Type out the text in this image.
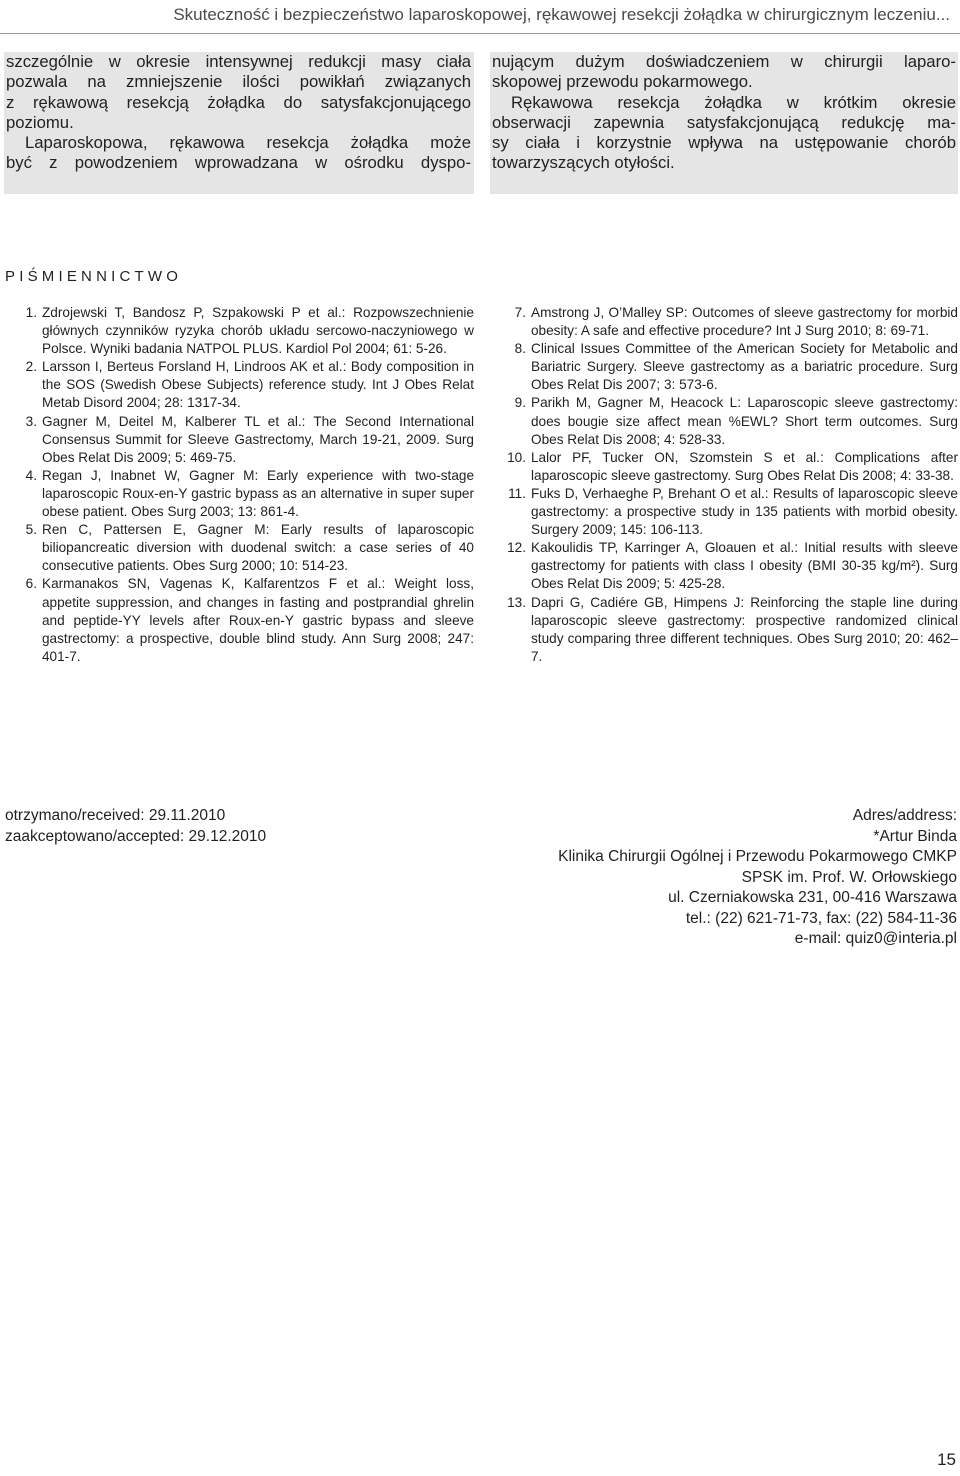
Skuteczność i bezpieczeństwo laparoskopowej, rękawowej resekcji żołądka w chirurgicznym leczeniu...

szczególnie w okresie intensywnej redukcji masy ciała

pozwala na zmniejszenie ilości powikłań związanych

z rękawową resekcją żołądka do satysfakcjonującego

poziomu.

Laparoskopowa, rękawowa resekcja żołądka może

być z powodzeniem wprowadzana w ośrodku dyspo-

nującym dużym doświadczeniem w chirurgii laparo-

skopowej przewodu pokarmowego.

Rękawowa resekcja żołądka w krótkim okresie

obserwacji zapewnia satysfakcjonującą redukcję ma-

sy ciała i korzystnie wpływa na ustępowanie chorób

towarzyszących otyłości.

PIŚMIENNICTWO
1. Zdrojewski T, Bandosz P, Szpakowski P et al.: Rozpowszechnienie głównych czynników ryzyka chorób układu sercowo-naczyniowego w Polsce. Wyniki badania NATPOL PLUS. Kardiol Pol 2004; 61: 5-26.
2. Larsson I, Berteus Forsland H, Lindroos AK et al.: Body composition in the SOS (Swedish Obese Subjects) reference study. Int J Obes Relat Metab Disord 2004; 28: 1317-34.
3. Gagner M, Deitel M, Kalberer TL et al.: The Second International Consensus Summit for Sleeve Gastrectomy, March 19-21, 2009. Surg Obes Relat Dis 2009; 5: 469-75.
4. Regan J, Inabnet W, Gagner M: Early experience with two-stage laparoscopic Roux-en-Y gastric bypass as an alternative in super super obese patient. Obes Surg 2003; 13: 861-4.
5. Ren C, Pattersen E, Gagner M: Early results of laparoscopic biliopancreatic diversion with duodenal switch: a case series of 40 consecutive patients. Obes Surg 2000; 10: 514-23.
6. Karmanakos SN, Vagenas K, Kalfarentzos F et al.: Weight loss, appetite suppression, and changes in fasting and postprandial ghrelin and peptide-YY levels after Roux-en-Y gastric bypass and sleeve gastrectomy: a prospective, double blind study. Ann Surg 2008; 247: 401-7.
7. Amstrong J, O’Malley SP: Outcomes of sleeve gastrectomy for morbid obesity: A safe and effective procedure? Int J Surg 2010; 8: 69-71.
8. Clinical Issues Committee of the American Society for Metabolic and Bariatric Surgery. Sleeve gastrectomy as a bariatric procedure. Surg Obes Relat Dis 2007; 3: 573-6.
9. Parikh M, Gagner M, Heacock L: Laparoscopic sleeve gastrectomy: does bougie size affect mean %EWL? Short term outcomes. Surg Obes Relat Dis 2008; 4: 528-33.
10. Lalor PF, Tucker ON, Szomstein S et al.: Complications after laparoscopic sleeve gastrectomy. Surg Obes Relat Dis 2008; 4: 33-38.
11. Fuks D, Verhaeghe P, Brehant O et al.: Results of laparoscopic sleeve gastrectomy: a prospective study in 135 patients with morbid obesity. Surgery 2009; 145: 106-113.
12. Kakoulidis TP, Karringer A, Gloauen et al.: Initial results with sleeve gastrectomy for patients with class I obesity (BMI 30-35 kg/m²). Surg Obes Relat Dis 2009; 5: 425-28.
13. Dapri G, Cadiére GB, Himpens J: Reinforcing the staple line during laparoscopic sleeve gastrectomy: prospective randomized clinical study comparing three different techniques. Obes Surg 2010; 20: 462–7.
otrzymano/received: 29.11.2010
zaakceptowano/accepted: 29.12.2010
Adres/address:
*Artur Binda
Klinika Chirurgii Ogólnej i Przewodu Pokarmowego CMKP
SPSK im. Prof. W. Orłowskiego
ul. Czerniakowska 231, 00-416 Warszawa
tel.: (22) 621-71-73, fax: (22) 584-11-36
e-mail: quiz0@interia.pl
15
